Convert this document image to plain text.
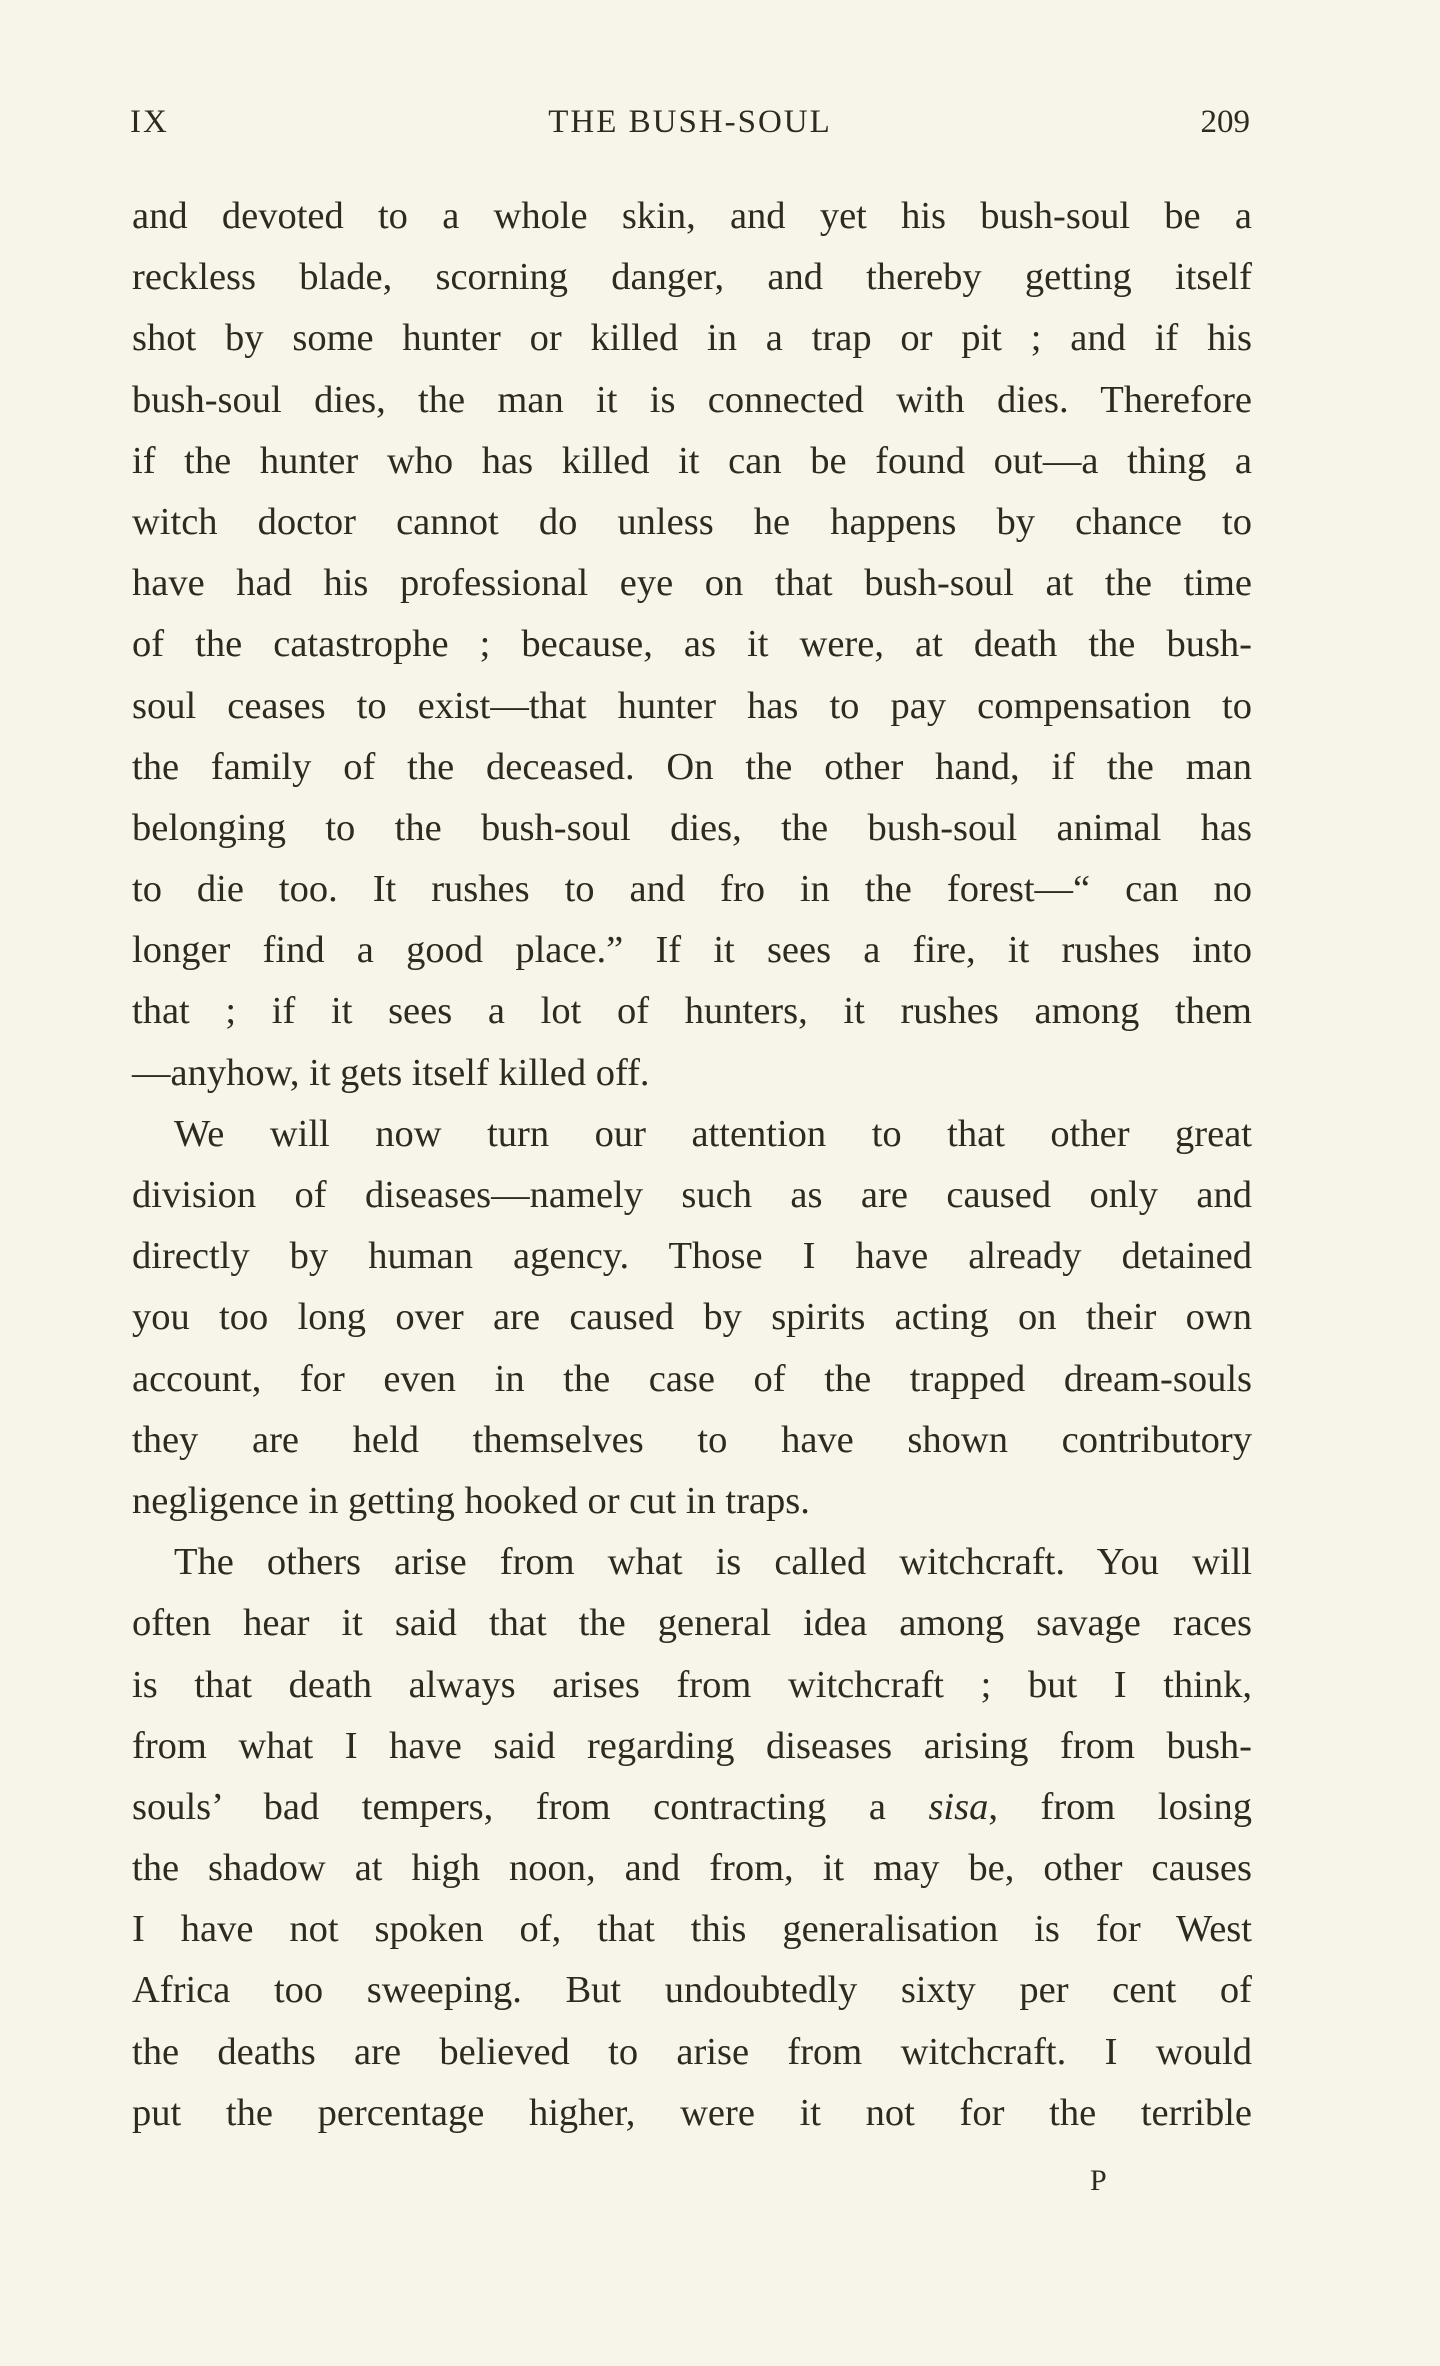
IX	THE BUSH-SOUL	209
and devoted to a whole skin, and yet his bush-soul be a
reckless blade, scorning danger, and thereby getting itself
shot by some hunter or killed in a trap or pit ; and if his
bush-soul dies, the man it is connected with dies. Therefore
if the hunter who has killed it can be found out—a thing a
witch doctor cannot do unless he happens by chance to
have had his professional eye on that bush-soul at the time
of the catastrophe ; because, as it were, at death the bush-
soul ceases to exist—that hunter has to pay compensation to
the family of the deceased. On the other hand, if the man
belonging to the bush-soul dies, the bush-soul animal has
to die too. It rushes to and fro in the forest—“ can no
longer find a good place.” If it sees a fire, it rushes into
that ; if it sees a lot of hunters, it rushes among them
—anyhow, it gets itself killed off.
We will now turn our attention to that other great
division of diseases—namely such as are caused only and
directly by human agency. Those I have already detained
you too long over are caused by spirits acting on their own
account, for even in the case of the trapped dream-souls
they are held themselves to have shown contributory
negligence in getting hooked or cut in traps.
The others arise from what is called witchcraft. You will
often hear it said that the general idea among savage races
is that death always arises from witchcraft ; but I think,
from what I have said regarding diseases arising from bush-
souls’ bad tempers, from contracting a sisa, from losing
the shadow at high noon, and from, it may be, other causes
I have not spoken of, that this generalisation is for West
Africa too sweeping. But undoubtedly sixty per cent of
the deaths are believed to arise from witchcraft. I would
put the percentage higher, were it not for the terrible
P
